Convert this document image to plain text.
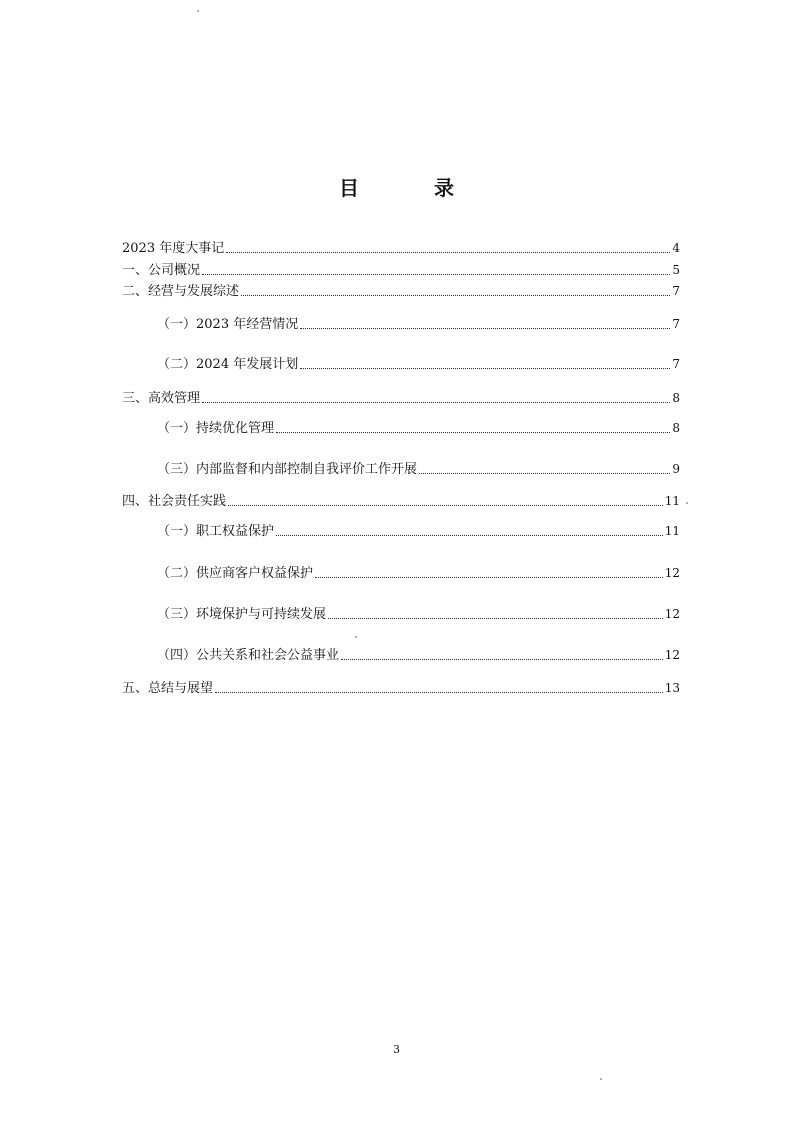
目 录
2023 年度大事记	4
一、公司概况	5
二、经营与发展综述	7
（一）2023 年经营情况	7
（二）2024 年发展计划	7
三、高效管理	8
（一）持续优化管理	8
（三）内部监督和内部控制自我评价工作开展	9
四、社会责任实践	11
（一）职工权益保护	11
（二）供应商客户权益保护	12
（三）环境保护与可持续发展	12
（四）公共关系和社会公益事业	12
五、总结与展望	13
3
